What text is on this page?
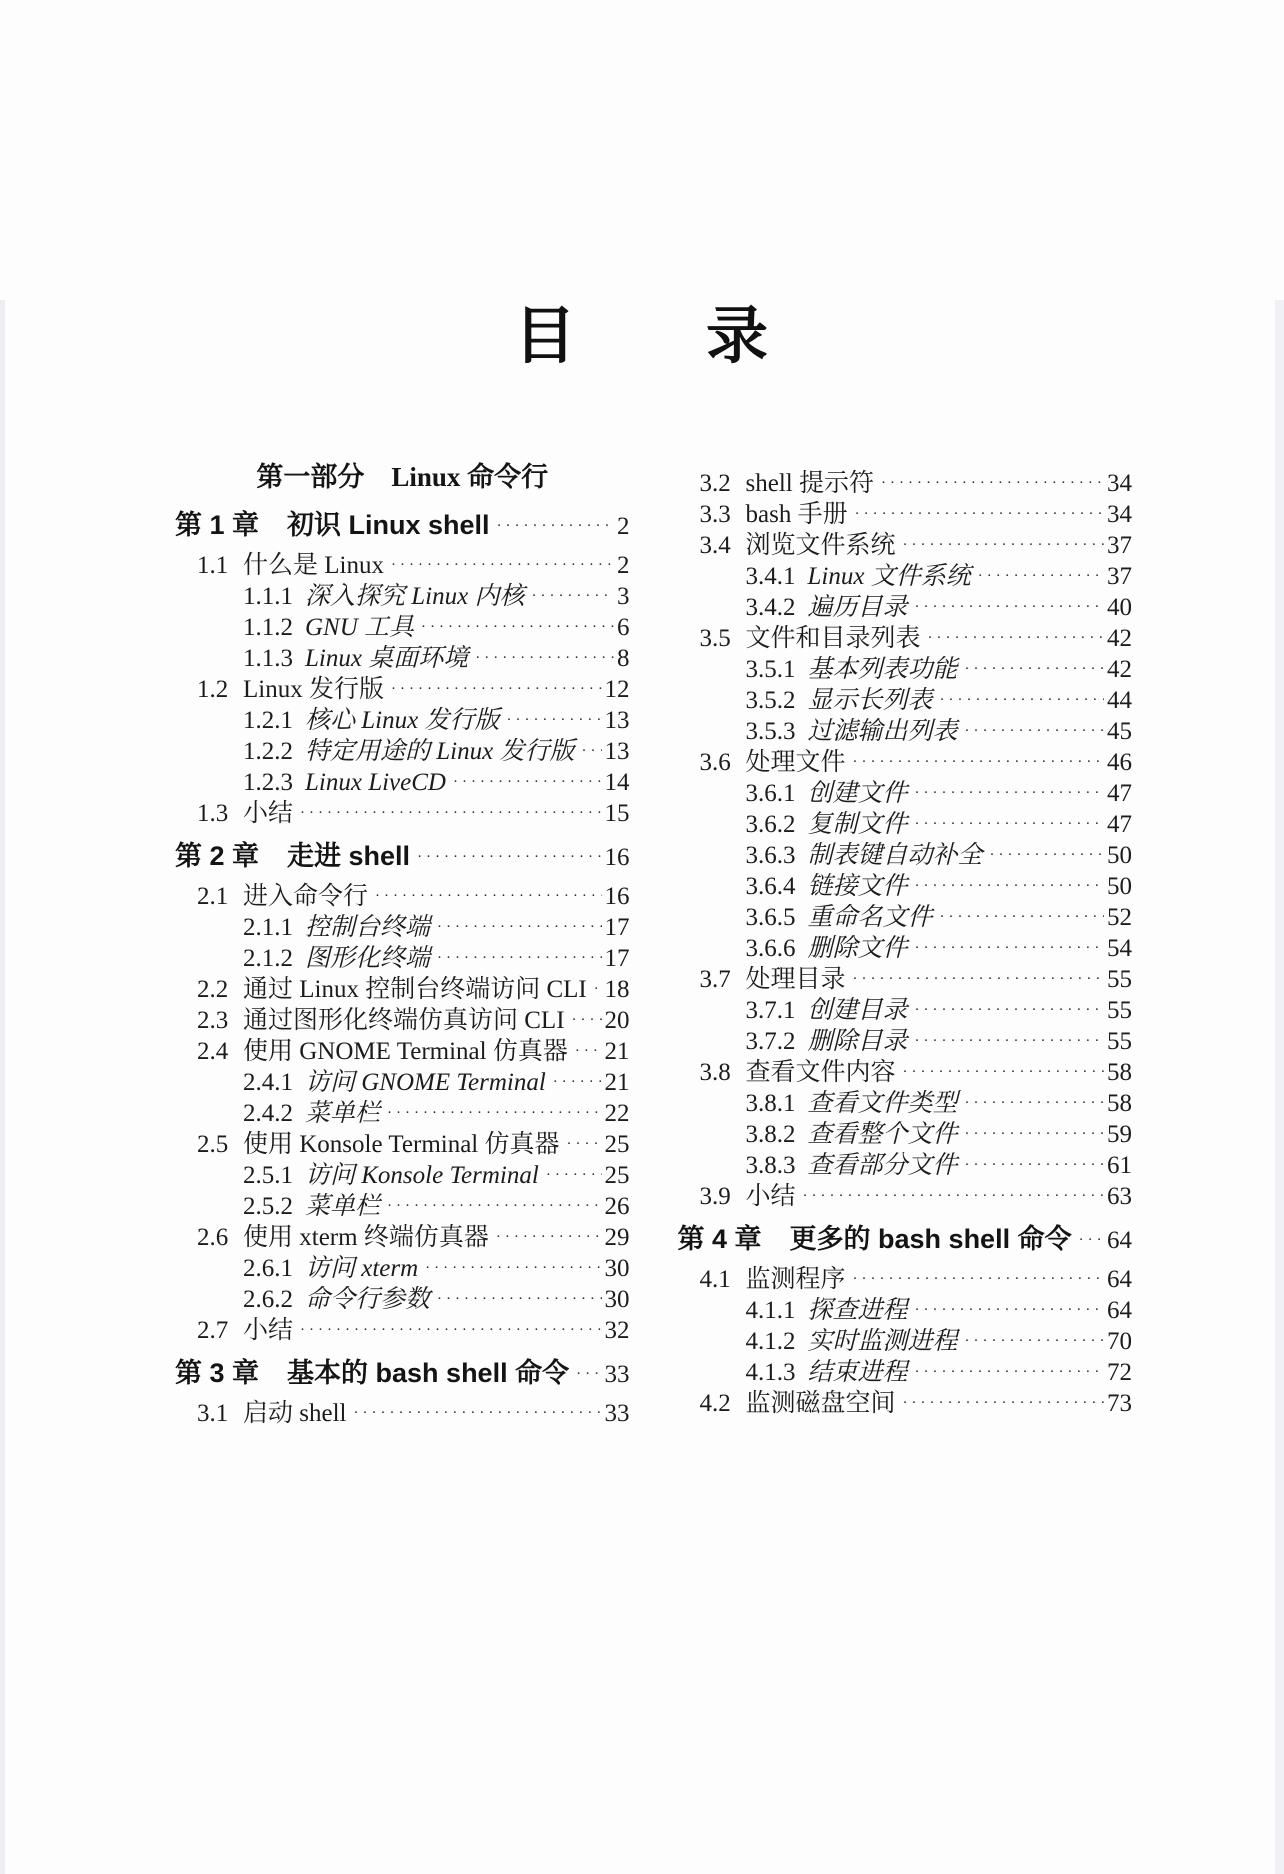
目　　录
第一部分　Linux 命令行
第 1 章 初识 Linux shell ·····	2
1.1 什么是 Linux ·····	2
1.1.1 深入探究 Linux 内核 ·····	3
1.1.2 GNU 工具 ·····	6
1.1.3 Linux 桌面环境 ·····	8
1.2 Linux 发行版 ·····	12
1.2.1 核心 Linux 发行版 ·····	13
1.2.2 特定用途的 Linux 发行版 ····· 13
1.2.3 Linux LiveCD ·····	14
1.3 小结 ·····	15
第 2 章 走进 shell ·····	16
2.1 进入命令行 ·····	16
2.1.1 控制台终端 ·····	17
2.1.2 图形化终端 ·····	17
2.2 通过 Linux 控制台终端访问 CLI ····· 18
2.3 通过图形化终端仿真访问 CLI ····· 20
2.4 使用 GNOME Terminal 仿真器 ····· 21
2.4.1 访问 GNOME Terminal ····· 21
2.4.2 菜单栏 ·····	22
2.5 使用 Konsole Terminal 仿真器 ····· 25
2.5.1 访问 Konsole Terminal ·····	25
2.5.2 菜单栏 ·····	26
2.6 使用 xterm 终端仿真器 ·····	29
2.6.1 访问 xterm ·····	30
2.6.2 命令行参数 ·····	30
2.7 小结 ·····	32
第 3 章 基本的 bash shell 命令 ····· 33
3.1 启动 shell ·····	33
3.2 shell 提示符 ·····	34
3.3 bash 手册 ·····	34
3.4 浏览文件系统 ·····	37
3.4.1 Linux 文件系统 ·····	37
3.4.2 遍历目录 ·····	40
3.5 文件和目录列表 ·····	42
3.5.1 基本列表功能 ·····	42
3.5.2 显示长列表 ·····	44
3.5.3 过滤输出列表 ·····	45
3.6 处理文件 ·····	46
3.6.1 创建文件 ·····	47
3.6.2 复制文件 ·····	47
3.6.3 制表键自动补全 ·····	50
3.6.4 链接文件 ·····	50
3.6.5 重命名文件 ·····	52
3.6.6 删除文件 ·····	54
3.7 处理目录 ·····	55
3.7.1 创建目录 ·····	55
3.7.2 删除目录 ·····	55
3.8 查看文件内容 ·····	58
3.8.1 查看文件类型 ·····	58
3.8.2 查看整个文件 ·····	59
3.8.3 查看部分文件 ·····	61
3.9 小结 ·····	63
第 4 章 更多的 bash shell 命令 ····· 64
4.1 监测程序 ·····	64
4.1.1 探查进程 ·····	64
4.1.2 实时监测进程 ·····	70
4.1.3 结束进程 ·····	72
4.2 监测磁盘空间 ·····	73
